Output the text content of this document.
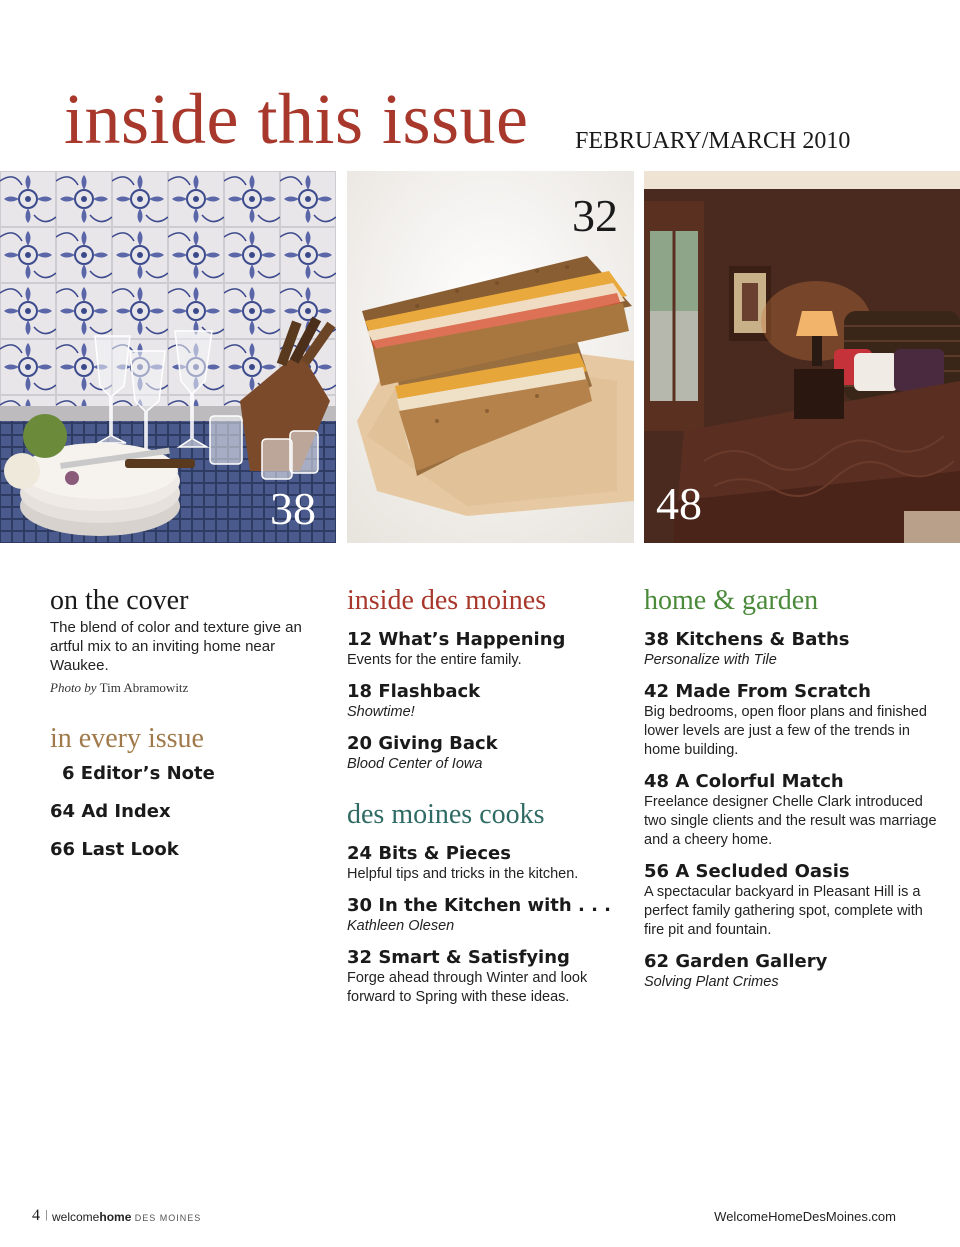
inside this issue FEBRUARY/MARCH 2010
38
32
48
on the cover
The blend of color and texture give an artful mix to an inviting home near Waukee.
Photo by Tim Abramowitz
in every issue
6 Editor’s Note
64 Ad Index
66 Last Look
inside des moines
12 What’s Happening
Events for the entire family.
18 Flashback
Showtime!
20 Giving Back
Blood Center of Iowa
des moines cooks
24 Bits & Pieces
Helpful tips and tricks in the kitchen.
30 In the Kitchen with . . .
Kathleen Olesen
32 Smart & Satisfying
Forge ahead through Winter and look forward to Spring with these ideas.
home & garden
38 Kitchens & Baths
Personalize with Tile
42 Made From Scratch
Big bedrooms, open floor plans and finished lower levels are just a few of the trends in home building.
48 A Colorful Match
Freelance designer Chelle Clark introduced two single clients and the result was marriage and a cheery home.
56 A Secluded Oasis
A spectacular backyard in Pleasant Hill is a perfect family gathering spot, complete with fire pit and fountain.
62 Garden Gallery
Solving Plant Crimes
4 | welcomehome DES MOINES	WelcomeHomeDesMoines.com
